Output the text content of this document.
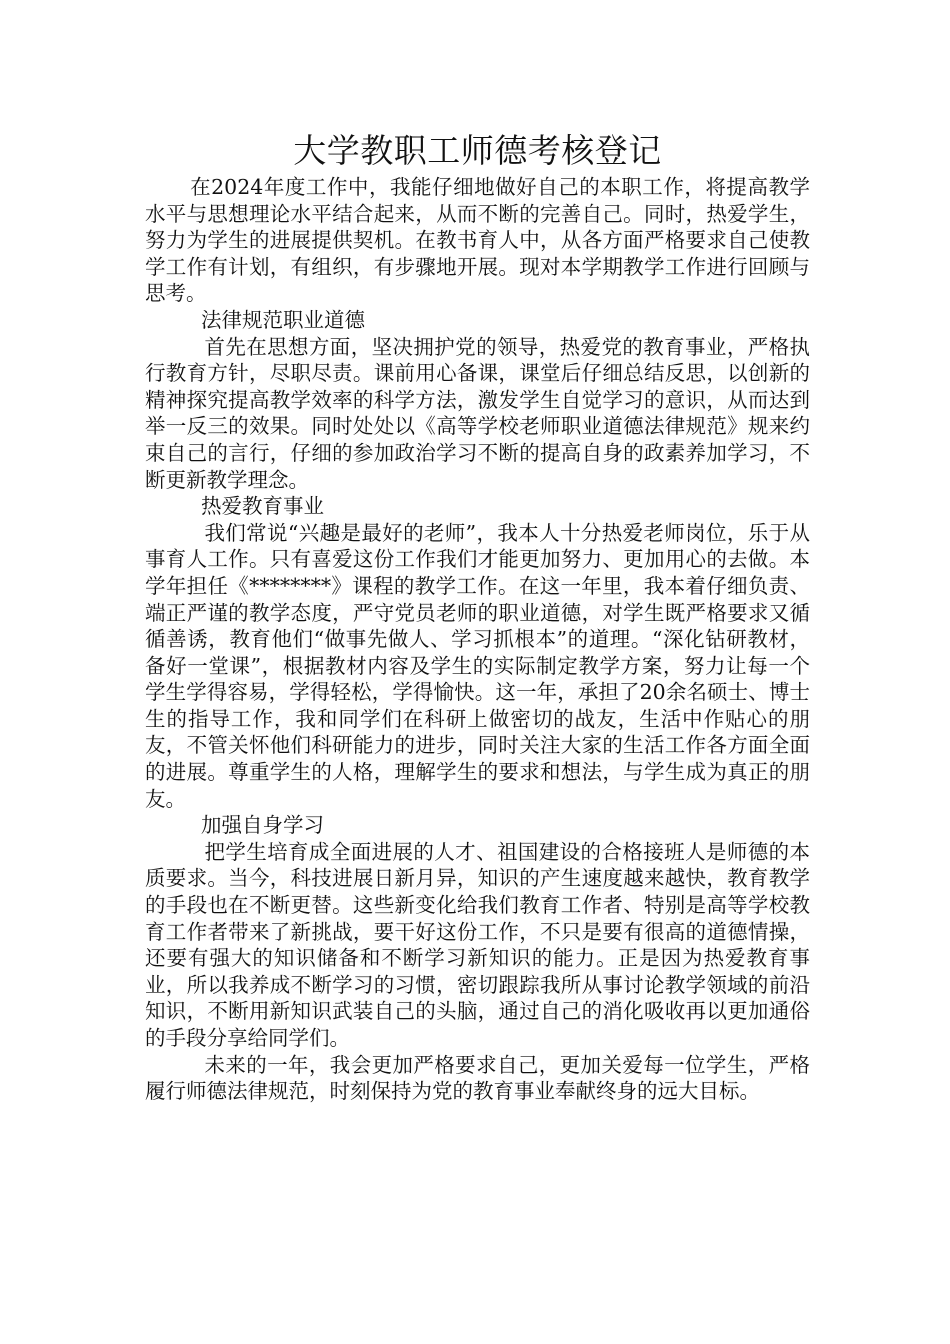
大学教职工师德考核登记

在2024年度工作中，我能仔细地做好自己的本职工作，将提高教学水平与思想理论水平结合起来，从而不断的完善自己。同时，热爱学生，努力为学生的进展提供契机。在教书育人中，从各方面严格要求自己使教学工作有计划，有组织，有步骤地开展。现对本学期教学工作进行回顾与思考。

法律规范职业道德

首先在思想方面，坚决拥护党的领导，热爱党的教育事业，严格执行教育方针，尽职尽责。课前用心备课，课堂后仔细总结反思，以创新的精神探究提高教学效率的科学方法，激发学生自觉学习的意识，从而达到举一反三的效果。同时处处以《高等学校老师职业道德法律规范》规来约束自己的言行，仔细的参加政治学习不断的提高自身的政素养加学习，不断更新教学理念。

热爱教育事业

我们常说“兴趣是最好的老师”，我本人十分热爱老师岗位，乐于从事育人工作。只有喜爱这份工作我们才能更加努力、更加用心的去做。本学年担任《********》课程的教学工作。在这一年里，我本着仔细负责、端正严谨的教学态度，严守党员老师的职业道德，对学生既严格要求又循循善诱，教育他们“做事先做人、学习抓根本”的道理。“深化钻研教材，备好一堂课”，根据教材内容及学生的实际制定教学方案，努力让每一个学生学得容易，学得轻松，学得愉快。这一年，承担了20余名硕士、博士生的指导工作，我和同学们在科研上做密切的战友，生活中作贴心的朋友，不管关怀他们科研能力的进步，同时关注大家的生活工作各方面全面的进展。尊重学生的人格，理解学生的要求和想法，与学生成为真正的朋友。

加强自身学习

把学生培育成全面进展的人才、祖国建设的合格接班人是师德的本质要求。当今，科技进展日新月异，知识的产生速度越来越快，教育教学的手段也在不断更替。这些新变化给我们教育工作者、特别是高等学校教育工作者带来了新挑战，要干好这份工作，不只是要有很高的道德情操，还要有强大的知识储备和不断学习新知识的能力。正是因为热爱教育事业，所以我养成不断学习的习惯，密切跟踪我所从事讨论教学领域的前沿知识，不断用新知识武装自己的头脑，通过自己的消化吸收再以更加通俗的手段分享给同学们。

未来的一年，我会更加严格要求自己，更加关爱每一位学生，严格履行师德法律规范，时刻保持为党的教育事业奉献终身的远大目标。
